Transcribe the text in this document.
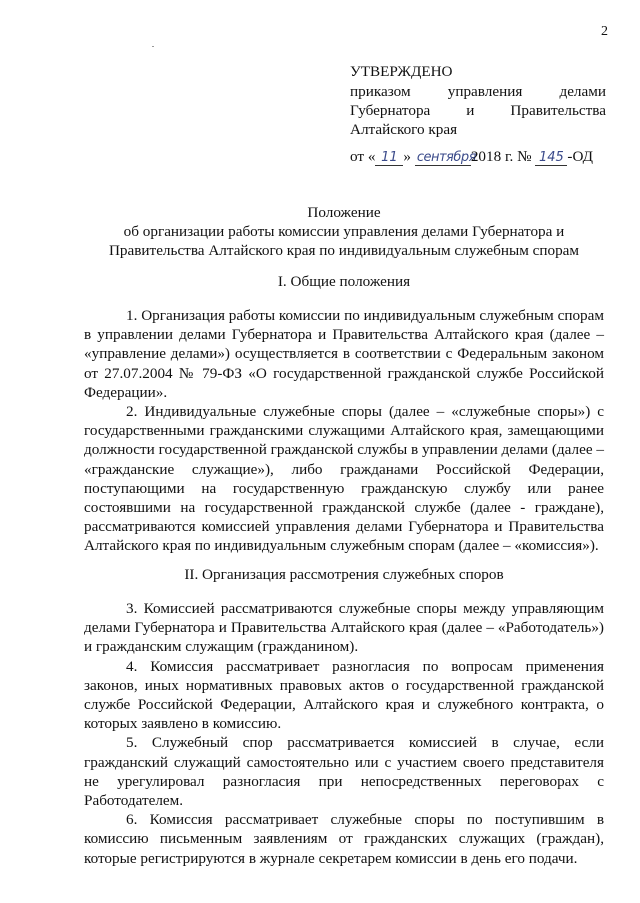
2
УТВЕРЖДЕНО
приказом управления делами Губернатора и Правительства Алтайского края
от « 11 » сентября2018 г. № 145 -ОД
Положение
об организации работы комиссии управления делами Губернатора и Правительства Алтайского края по индивидуальным служебным спорам
I. Общие положения

1. Организация работы комиссии по индивидуальным служебным спорам в управлении делами Губернатора и Правительства Алтайского края (далее – «управление делами») осуществляется в соответствии с Федеральным законом от 27.07.2004 № 79-ФЗ «О государственной гражданской службе Российской Федерации».

2. Индивидуальные служебные споры (далее – «служебные споры») с государственными гражданскими служащими Алтайского края, замещающими должности государственной гражданской службы в управлении делами (далее – «гражданские служащие»), либо гражданами Российской Федерации, поступающими на государственную гражданскую службу или ранее состоявшими на государственной гражданской службе (далее - граждане), рассматриваются комиссией управления делами Губернатора и Правительства Алтайского края по индивидуальным служебным спорам (далее – «комиссия»).

II. Организация рассмотрения служебных споров

3. Комиссией рассматриваются служебные споры между управляющим делами Губернатора и Правительства Алтайского края (далее – «Работодатель») и гражданским служащим (гражданином).

4. Комиссия рассматривает разногласия по вопросам применения законов, иных нормативных правовых актов о государственной гражданской службе Российской Федерации, Алтайского края и служебного контракта, о которых заявлено в комиссию.

5. Служебный спор рассматривается комиссией в случае, если гражданский служащий самостоятельно или с участием своего представителя не урегулировал разногласия при непосредственных переговорах с Работодателем.

6. Комиссия рассматривает служебные споры по поступившим в комиссию письменным заявлениям от гражданских служащих (граждан), которые регистрируются в журнале секретарем комиссии в день его подачи.
